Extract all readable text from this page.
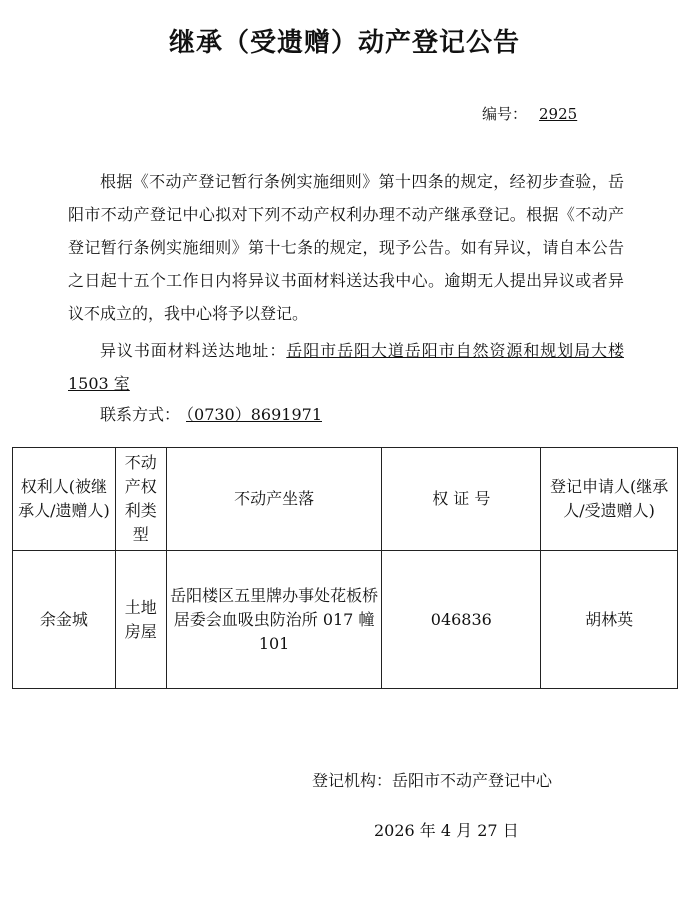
继承（受遗赠）动产登记公告
编号： 2925

根据《不动产登记暂行条例实施细则》第十四条的规定，经初步查验，岳阳市不动产登记中心拟对下列不动产权利办理不动产继承登记。根据《不动产登记暂行条例实施细则》第十七条的规定，现予公告。如有异议，请自本公告之日起十五个工作日内将异议书面材料送达我中心。逾期无人提出异议或者异议不成立的，我中心将予以登记。

异议书面材料送达地址：岳阳市岳阳大道岳阳市自然资源和规划局大楼 1503 室

联系方式： （0730）8691971
权利人(被继承人/遗赠人)	不动产权利类型	不动产坐落	权 证 号	登记申请人(继承人/受遗赠人)
余金城	土地房屋	岳阳楼区五里牌办事处花板桥居委会血吸虫防治所 017 幢 101	046836	胡林英
登记机构：岳阳市不动产登记中心
2026 年 4 月 27 日
